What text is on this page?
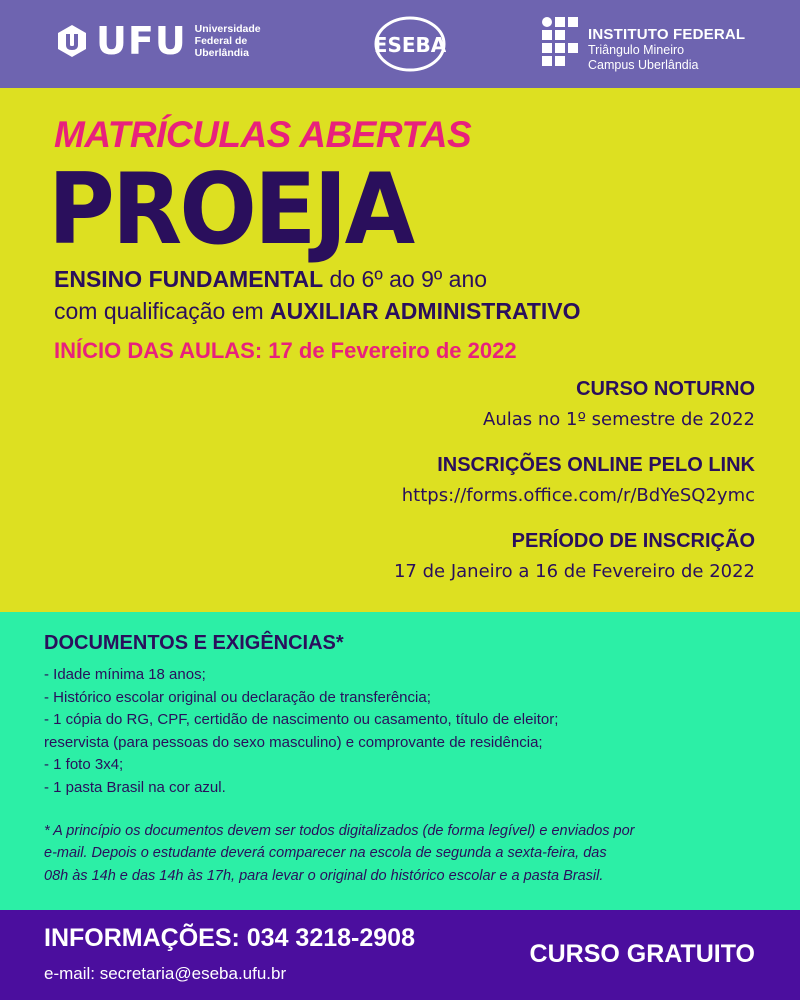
UFU Universidade
Federal de
Uberlândia	ESEBA	INSTITUTO FEDERAL
Triângulo Mineiro
Campus Uberlândia
MATRÍCULAS ABERTAS
PROEJA
ENSINO FUNDAMENTAL do 6º ao 9º ano
com qualificação em AUXILIAR ADMINISTRATIVO
INÍCIO DAS AULAS: 17 de Fevereiro de 2022
CURSO NOTURNO
Aulas no 1º semestre de 2022
INSCRIÇÕES ONLINE PELO LINK
https://forms.office.com/r/BdYeSQ2ymc
PERÍODO DE INSCRIÇÃO
17 de Janeiro a 16 de Fevereiro de 2022
DOCUMENTOS E EXIGÊNCIAS*
- Idade mínima 18 anos;
- Histórico escolar original ou declaração de transferência;
- 1 cópia do RG, CPF, certidão de nascimento ou casamento, título de eleitor;
reservista (para pessoas do sexo masculino) e comprovante de residência;
- 1 foto 3x4;
- 1 pasta Brasil na cor azul.
* A princípio os documentos devem ser todos digitalizados (de forma legível) e enviados por
e-mail. Depois o estudante deverá comparecer na escola de segunda a sexta-feira, das
08h às 14h e das 14h às 17h, para levar o original do histórico escolar e a pasta Brasil.
INFORMAÇÕES: 034 3218-2908
e-mail: secretaria@eseba.ufu.br
CURSO GRATUITO
